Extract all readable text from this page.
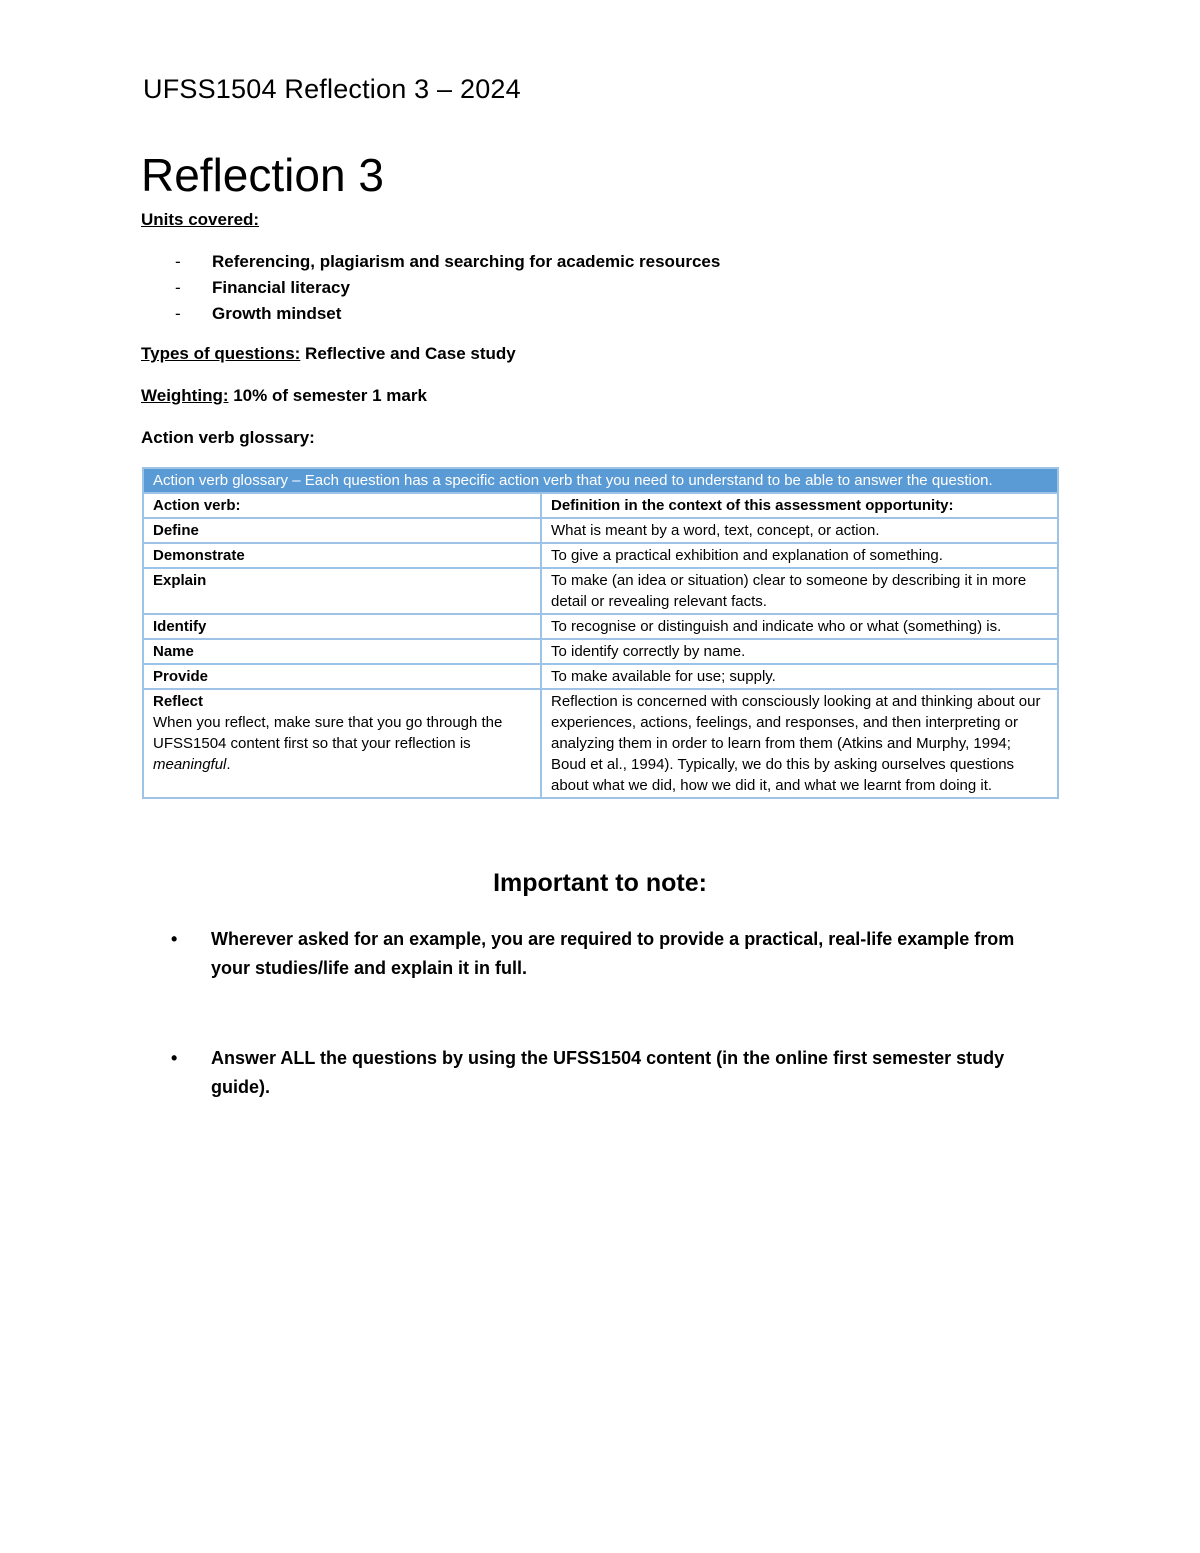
UFSS1504 Reflection 3 – 2024
Reflection 3
Units covered:
- Referencing, plagiarism and searching for academic resources
- Financial literacy
- Growth mindset
Types of questions: Reflective and Case study
Weighting: 10% of semester 1 mark
Action verb glossary:
Action verb glossary – Each question has a specific action verb that you need to understand to be able to answer the question.	
Action verb:	Definition in the context of this assessment opportunity:
Define	What is meant by a word, text, concept, or action.
Demonstrate	To give a practical exhibition and explanation of something.
Explain	To make (an idea or situation) clear to someone by describing it in more detail or revealing relevant facts.
Identify	To recognise or distinguish and indicate who or what (something) is.
Name	To identify correctly by name.
Provide	To make available for use; supply.

Reflect
When you reflect, make sure that you go through the UFSS1504 content first so that your reflection is meaningful.	Reflection is concerned with consciously looking at and thinking about our experiences, actions, feelings, and responses, and then interpreting or analyzing them in order to learn from them (Atkins and Murphy, 1994; Boud et al., 1994). Typically, we do this by asking ourselves questions about what we did, how we did it, and what we learnt from doing it.
Important to note:
• Wherever asked for an example, you are required to provide a practical, real-life example from your studies/life and explain it in full.
• Answer ALL the questions by using the UFSS1504 content (in the online first semester study guide).
